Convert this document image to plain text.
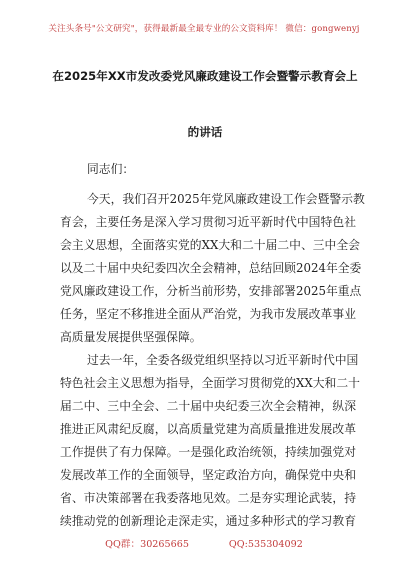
关注头条号"公文研究"，获得最新最全最专业的公文资料库！ 微信：gongwenyj
在2025年XX市发改委党风廉政建设工作会暨警示教育会上
的讲话
同志们：
今天，我们召开2025年党风廉政建设工作会暨警示教
育会，主要任务是深入学习贯彻习近平新时代中国特色社
会主义思想，全面落实党的XX大和二十届二中、三中全会
以及二十届中央纪委四次全会精神，总结回顾2024年全委
党风廉政建设工作，分析当前形势，安排部署2025年重点
任务，坚定不移推进全面从严治党，为我市发展改革事业
高质量发展提供坚强保障。
过去一年，全委各级党组织坚持以习近平新时代中国
特色社会主义思想为指导，全面学习贯彻党的XX大和二十
届二中、三中全会、二十届中央纪委三次全会精神，纵深
推进正风肃纪反腐，以高质量党建为高质量推进发展改革
工作提供了有力保障。一是强化政治统领，持续加强党对
发展改革工作的全面领导，坚定政治方向，确保党中央和
省、市决策部署在我委落地见效。二是夯实理论武装，持
续推动党的创新理论走深走实，通过多种形式的学习教育
QQ群：30265665	QQ:535304092
